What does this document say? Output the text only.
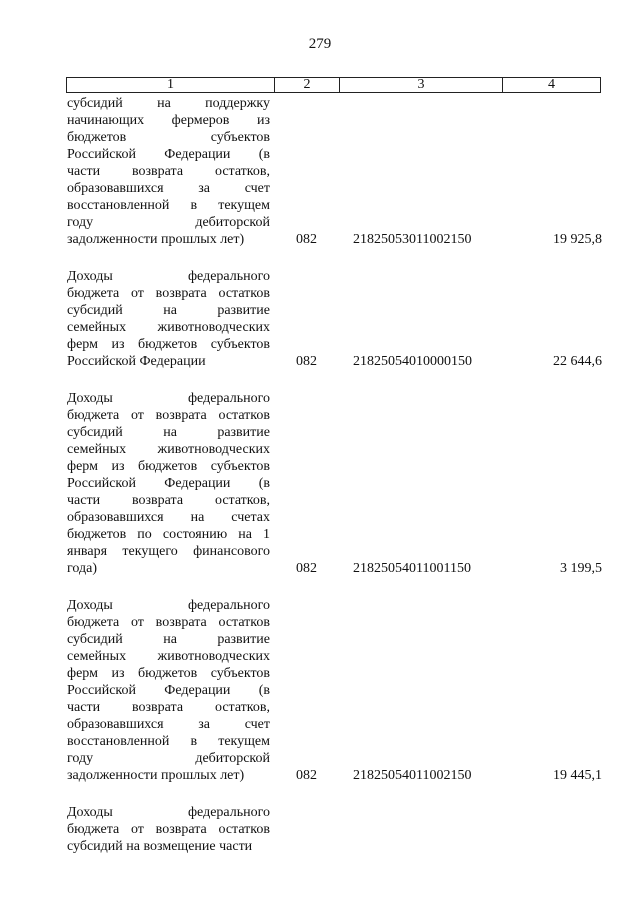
279
1	2	3	4
субсидий на поддержку
начинающих фермеров из
бюджетов субъектов
Российской Федерации (в
части возврата остатков,
образовавшихся за счет
восстановленной в текущем
году дебиторской
задолженности прошлых лет)	082	21825053011002150	19 925,8
Доходы федерального
бюджета от возврата остатков
субсидий на развитие
семейных животноводческих
ферм из бюджетов субъектов
Российской Федерации	082	21825054010000150	22 644,6
Доходы федерального
бюджета от возврата остатков
субсидий на развитие
семейных животноводческих
ферм из бюджетов субъектов
Российской Федерации (в
части возврата остатков,
образовавшихся на счетах
бюджетов по состоянию на 1
января текущего финансового
года)	082	21825054011001150	3 199,5
Доходы федерального
бюджета от возврата остатков
субсидий на развитие
семейных животноводческих
ферм из бюджетов субъектов
Российской Федерации (в
части возврата остатков,
образовавшихся за счет
восстановленной в текущем
году дебиторской
задолженности прошлых лет)	082	21825054011002150	19 445,1
Доходы федерального
бюджета от возврата остатков
субсидий на возмещение части
